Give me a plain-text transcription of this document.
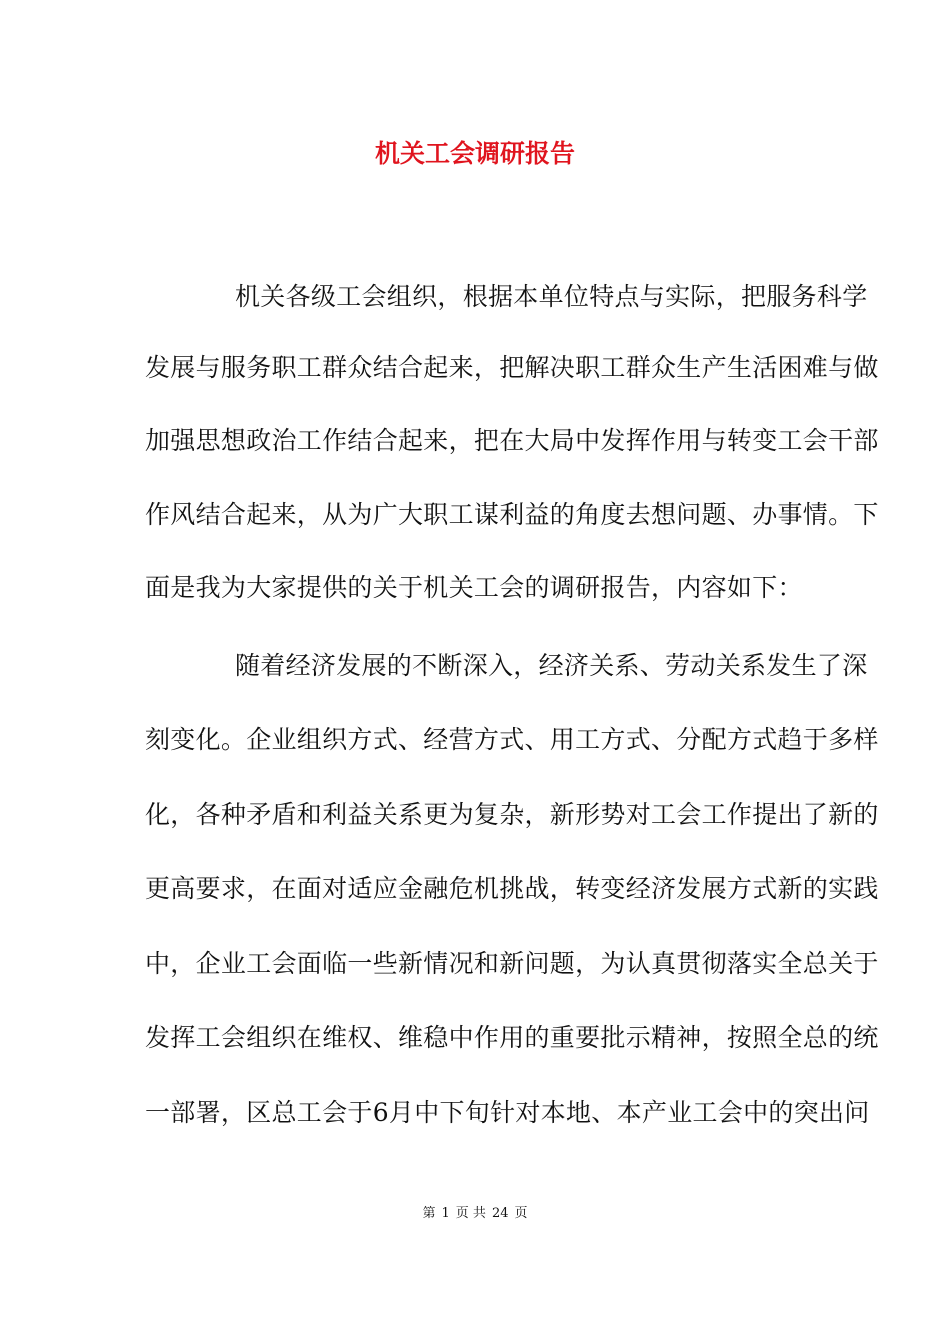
机关工会调研报告
机关各级工会组织，根据本单位特点与实际，把服务科学
发展与服务职工群众结合起来，把解决职工群众生产生活困难与做
加强思想政治工作结合起来，把在大局中发挥作用与转变工会干部
作风结合起来，从为广大职工谋利益的角度去想问题、办事情。下
面是我为大家提供的关于机关工会的调研报告，内容如下：
随着经济发展的不断深入，经济关系、劳动关系发生了深
刻变化。企业组织方式、经营方式、用工方式、分配方式趋于多样
化，各种矛盾和利益关系更为复杂，新形势对工会工作提出了新的
更高要求，在面对适应金融危机挑战，转变经济发展方式新的实践
中，企业工会面临一些新情况和新问题，为认真贯彻落实全总关于
发挥工会组织在维权、维稳中作用的重要批示精神，按照全总的统
一部署，区总工会于6月中下旬针对本地、本产业工会中的突出问
第 1 页 共 24 页
